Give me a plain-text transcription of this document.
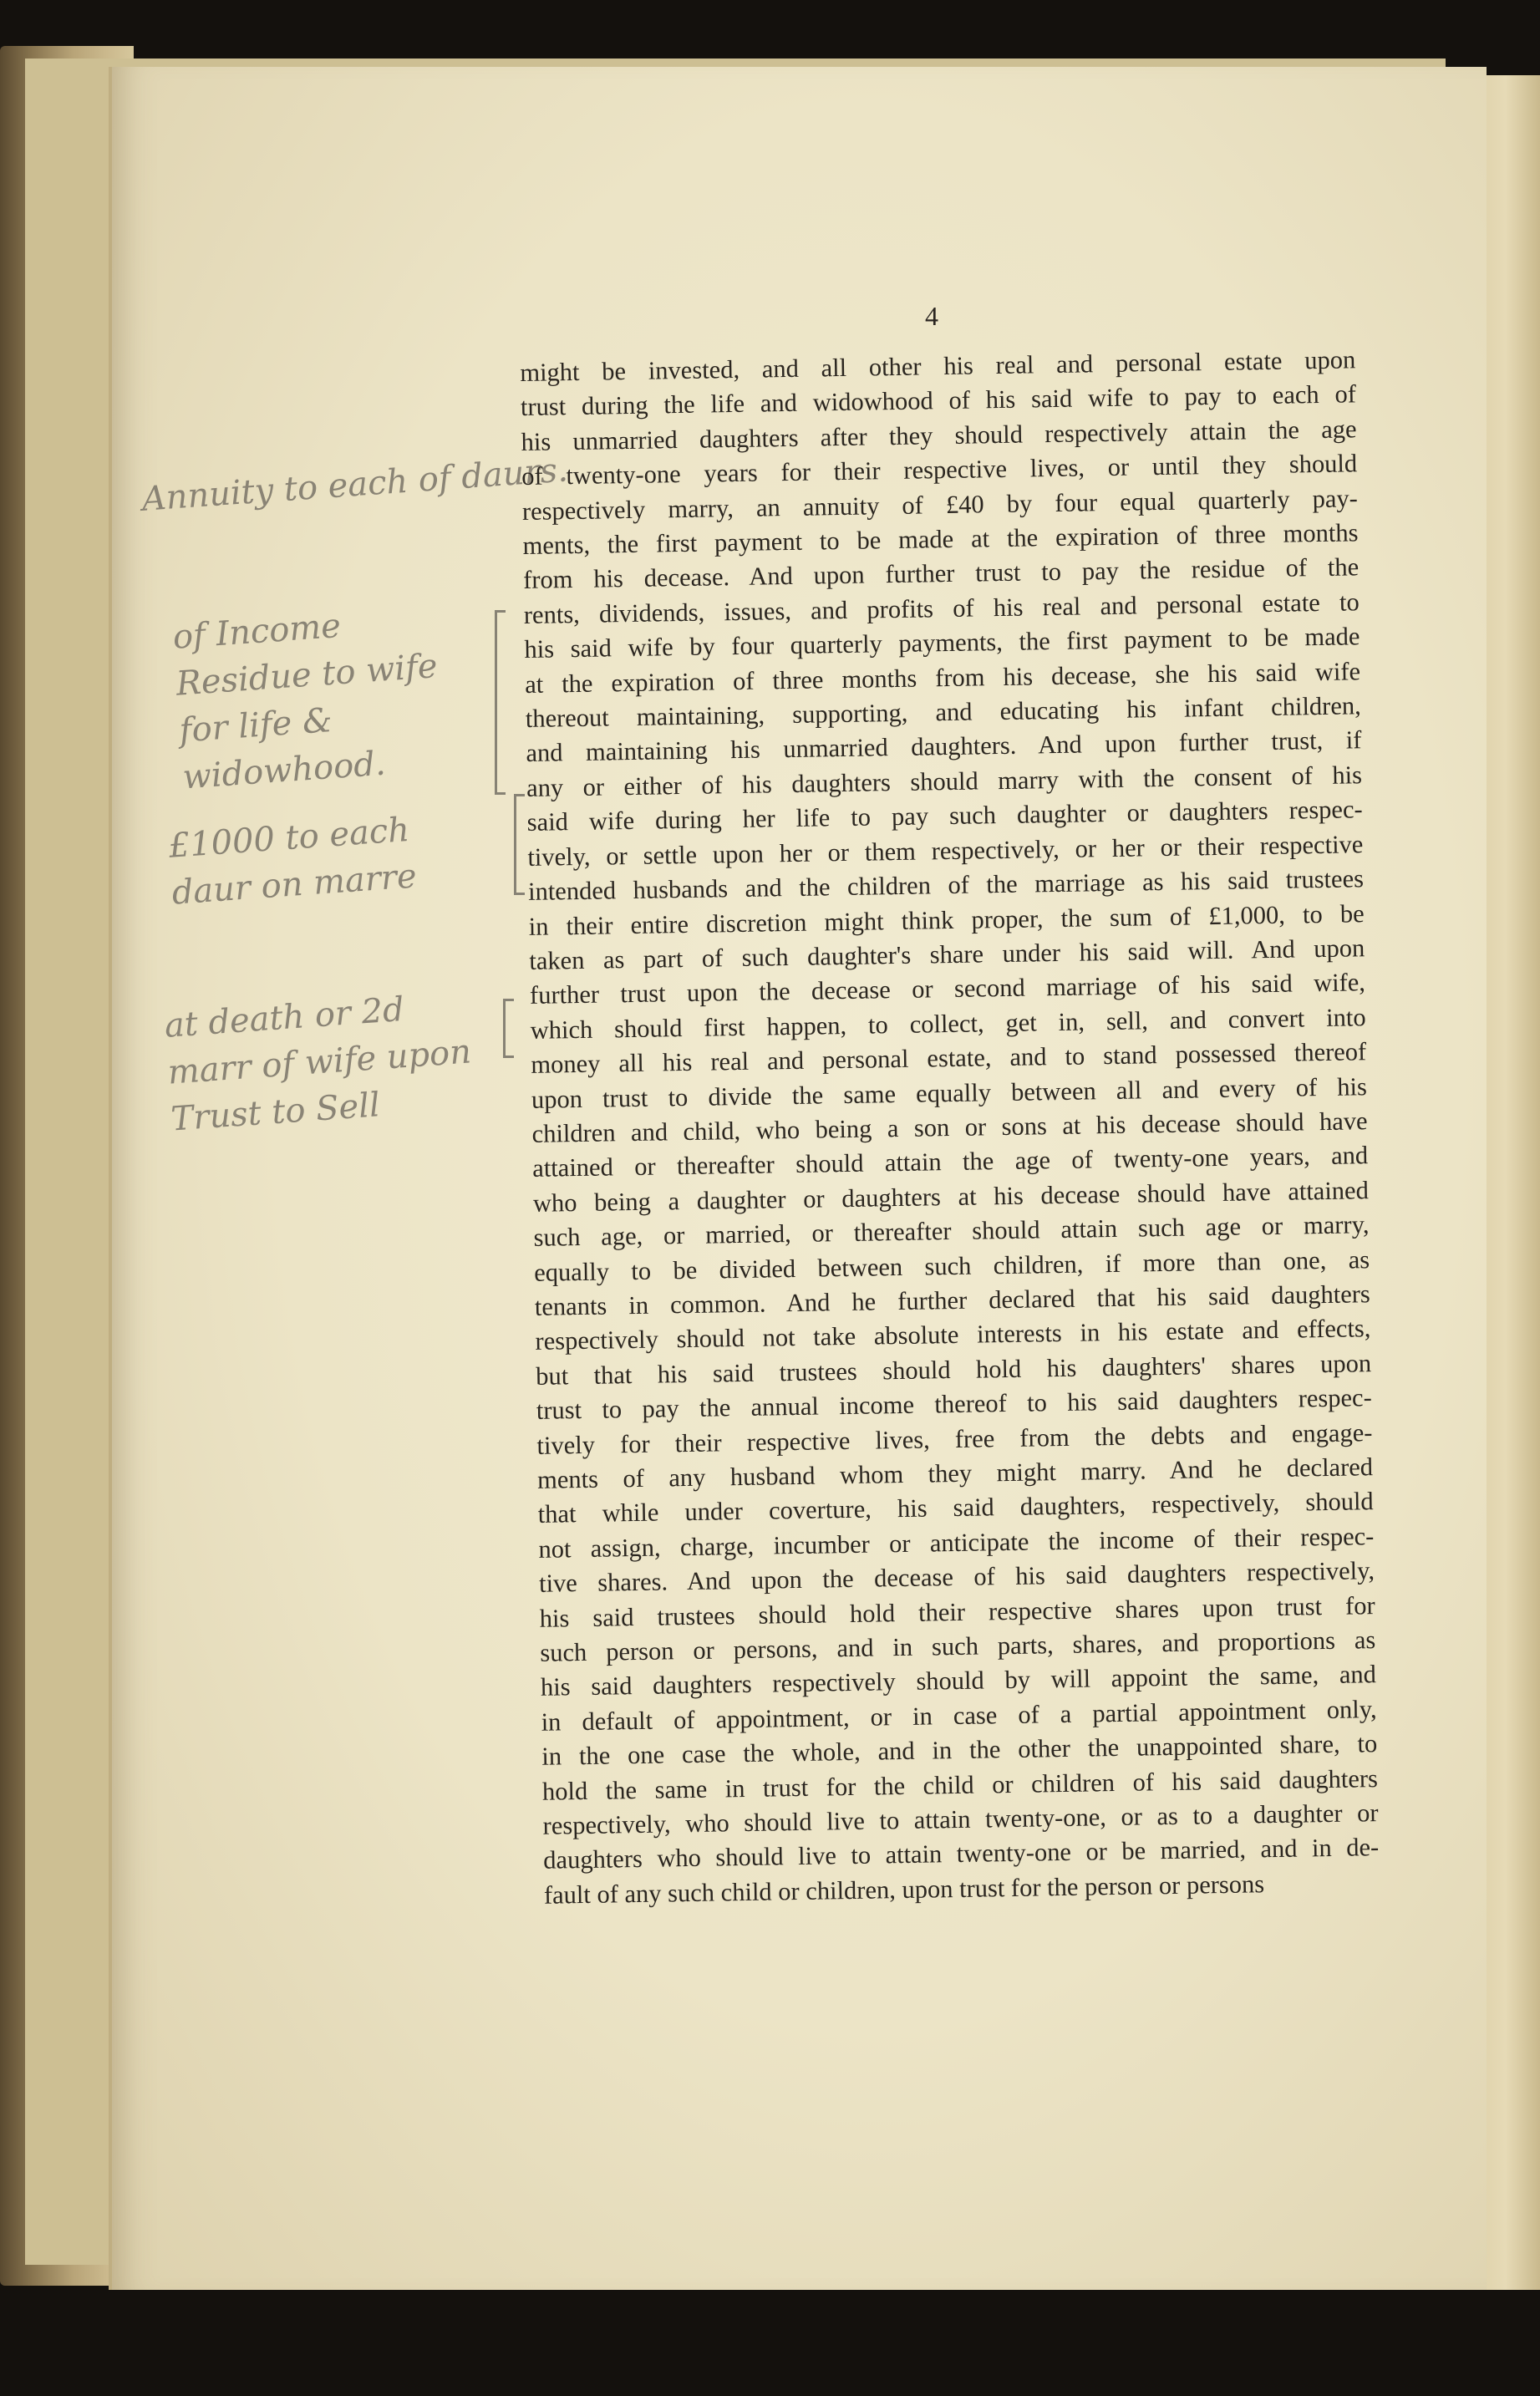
4
Annuity to each of daurs.
of Income Residue to wife for life & widowhood.
£1000 to each daur on marre
at death or 2d marr of wife upon Trust to Sell
might be invested, and all other his real and personal estate upon
trust during the life and widowhood of his said wife to pay to each of
his unmarried daughters after they should respectively attain the age
of twenty-one years for their respective lives, or until they should
respectively marry, an annuity of £40 by four equal quarterly pay-
ments, the first payment to be made at the expiration of three months
from his decease. And upon further trust to pay the residue of the
rents, dividends, issues, and profits of his real and personal estate to
his said wife by four quarterly payments, the first payment to be made
at the expiration of three months from his decease, she his said wife
thereout maintaining, supporting, and educating his infant children,
and maintaining his unmarried daughters. And upon further trust, if
any or either of his daughters should marry with the consent of his
said wife during her life to pay such daughter or daughters respec-
tively, or settle upon her or them respectively, or her or their respective
intended husbands and the children of the marriage as his said trustees
in their entire discretion might think proper, the sum of £1,000, to be
taken as part of such daughter's share under his said will. And upon
further trust upon the decease or second marriage of his said wife,
which should first happen, to collect, get in, sell, and convert into
money all his real and personal estate, and to stand possessed thereof
upon trust to divide the same equally between all and every of his
children and child, who being a son or sons at his decease should have
attained or thereafter should attain the age of twenty-one years, and
who being a daughter or daughters at his decease should have attained
such age, or married, or thereafter should attain such age or marry,
equally to be divided between such children, if more than one, as
tenants in common. And he further declared that his said daughters
respectively should not take absolute interests in his estate and effects,
but that his said trustees should hold his daughters' shares upon
trust to pay the annual income thereof to his said daughters respec-
tively for their respective lives, free from the debts and engage-
ments of any husband whom they might marry. And he declared
that while under coverture, his said daughters, respectively, should
not assign, charge, incumber or anticipate the income of their respec-
tive shares. And upon the decease of his said daughters respectively,
his said trustees should hold their respective shares upon trust for
such person or persons, and in such parts, shares, and proportions as
his said daughters respectively should by will appoint the same, and
in default of appointment, or in case of a partial appointment only,
in the one case the whole, and in the other the unappointed share, to
hold the same in trust for the child or children of his said daughters
respectively, who should live to attain twenty-one, or as to a daughter or
daughters who should live to attain twenty-one or be married, and in de-
fault of any such child or children, upon trust for the person or persons
